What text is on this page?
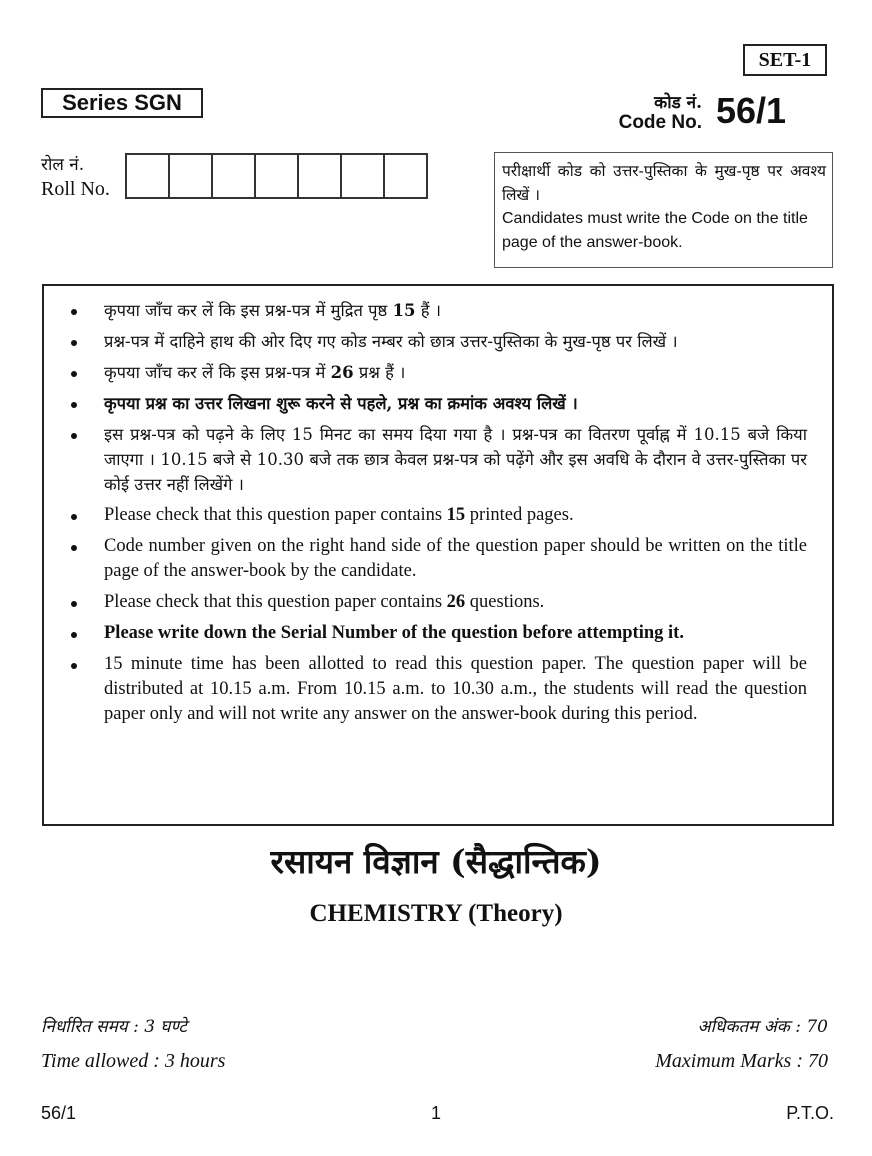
SET-1
Series SGN	कोड नं.
Code No. 56/1
रोल नं.
Roll No.
परीक्षार्थी कोड को उत्तर-पुस्तिका के मुख-पृष्ठ पर अवश्य लिखें ।
Candidates must write the Code on the title page of the answer-book.
कृपया जाँच कर लें कि इस प्रश्न-पत्र में मुद्रित पृष्ठ 15 हैं ।
प्रश्न-पत्र में दाहिने हाथ की ओर दिए गए कोड नम्बर को छात्र उत्तर-पुस्तिका के मुख-पृष्ठ पर लिखें ।
कृपया जाँच कर लें कि इस प्रश्न-पत्र में 26 प्रश्न हैं ।
कृपया प्रश्न का उत्तर लिखना शुरू करने से पहले, प्रश्न का क्रमांक अवश्य लिखें ।
इस प्रश्न-पत्र को पढ़ने के लिए 15 मिनट का समय दिया गया है । प्रश्न-पत्र का वितरण पूर्वाह्न में 10.15 बजे किया जाएगा । 10.15 बजे से 10.30 बजे तक छात्र केवल प्रश्न-पत्र को पढ़ेंगे और इस अवधि के दौरान वे उत्तर-पुस्तिका पर कोई उत्तर नहीं लिखेंगे ।
Please check that this question paper contains 15 printed pages.
Code number given on the right hand side of the question paper should be written on the title page of the answer-book by the candidate.
Please check that this question paper contains 26 questions.
Please write down the Serial Number of the question before attempting it.
15 minute time has been allotted to read this question paper. The question paper will be distributed at 10.15 a.m. From 10.15 a.m. to 10.30 a.m., the students will read the question paper only and will not write any answer on the answer-book during this period.
रसायन विज्ञान (सैद्धान्तिक)
CHEMISTRY (Theory)
निर्धारित समय : 3 घण्टे	अधिकतम अंक : 70
Time allowed : 3 hours	Maximum Marks : 70
56/1	1	P.T.O.
